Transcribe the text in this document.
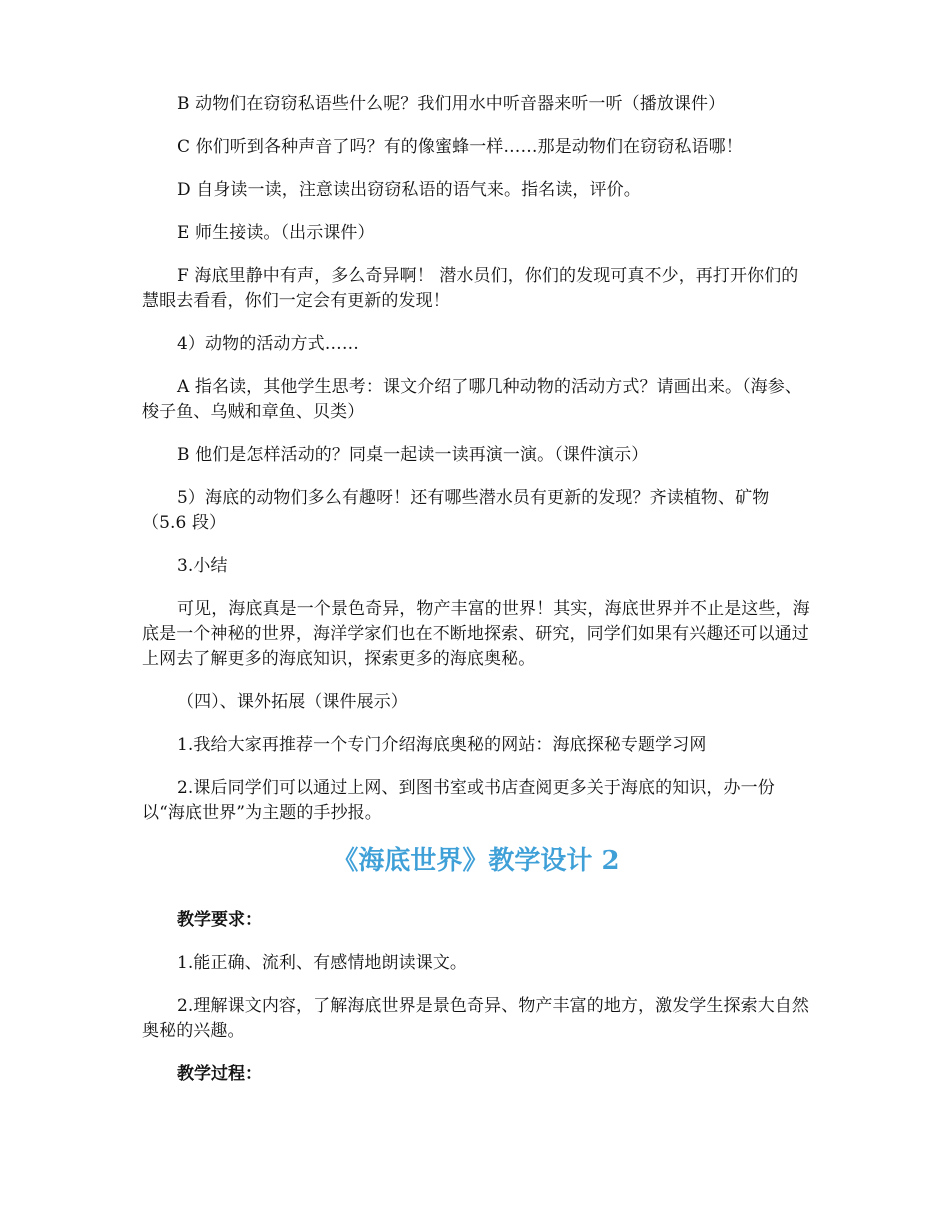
B 动物们在窃窃私语些什么呢？我们用水中听音器来听一听（播放课件）

C 你们听到各种声音了吗？有的像蜜蜂一样……那是动物们在窃窃私语哪！

D 自身读一读，注意读出窃窃私语的语气来。指名读，评价。

E 师生接读。（出示课件）

F 海底里静中有声，多么奇异啊！ 潜水员们，你们的发现可真不少，再打开你们的慧眼去看看，你们一定会有更新的发现！

4）动物的活动方式……

A 指名读，其他学生思考：课文介绍了哪几种动物的活动方式？请画出来。（海参、梭子鱼、乌贼和章鱼、贝类）

B 他们是怎样活动的？同桌一起读一读再演一演。（课件演示）

5）海底的动物们多么有趣呀！还有哪些潜水员有更新的发现？齐读植物、矿物（5.6 段）

3.小结

可见，海底真是一个景色奇异，物产丰富的世界！其实，海底世界并不止是这些，海底是一个神秘的世界，海洋学家们也在不断地探索、研究，同学们如果有兴趣还可以通过上网去了解更多的海底知识，探索更多的海底奥秘。

（四）、课外拓展（课件展示）

1.我给大家再推荐一个专门介绍海底奥秘的网站：海底探秘专题学习网

2.课后同学们可以通过上网、到图书室或书店查阅更多关于海底的知识，办一份以“海底世界”为主题的手抄报。

《海底世界》教学设计 2

教学要求：

1.能正确、流利、有感情地朗读课文。

2.理解课文内容，了解海底世界是景色奇异、物产丰富的地方，激发学生探索大自然奥秘的兴趣。

教学过程：
